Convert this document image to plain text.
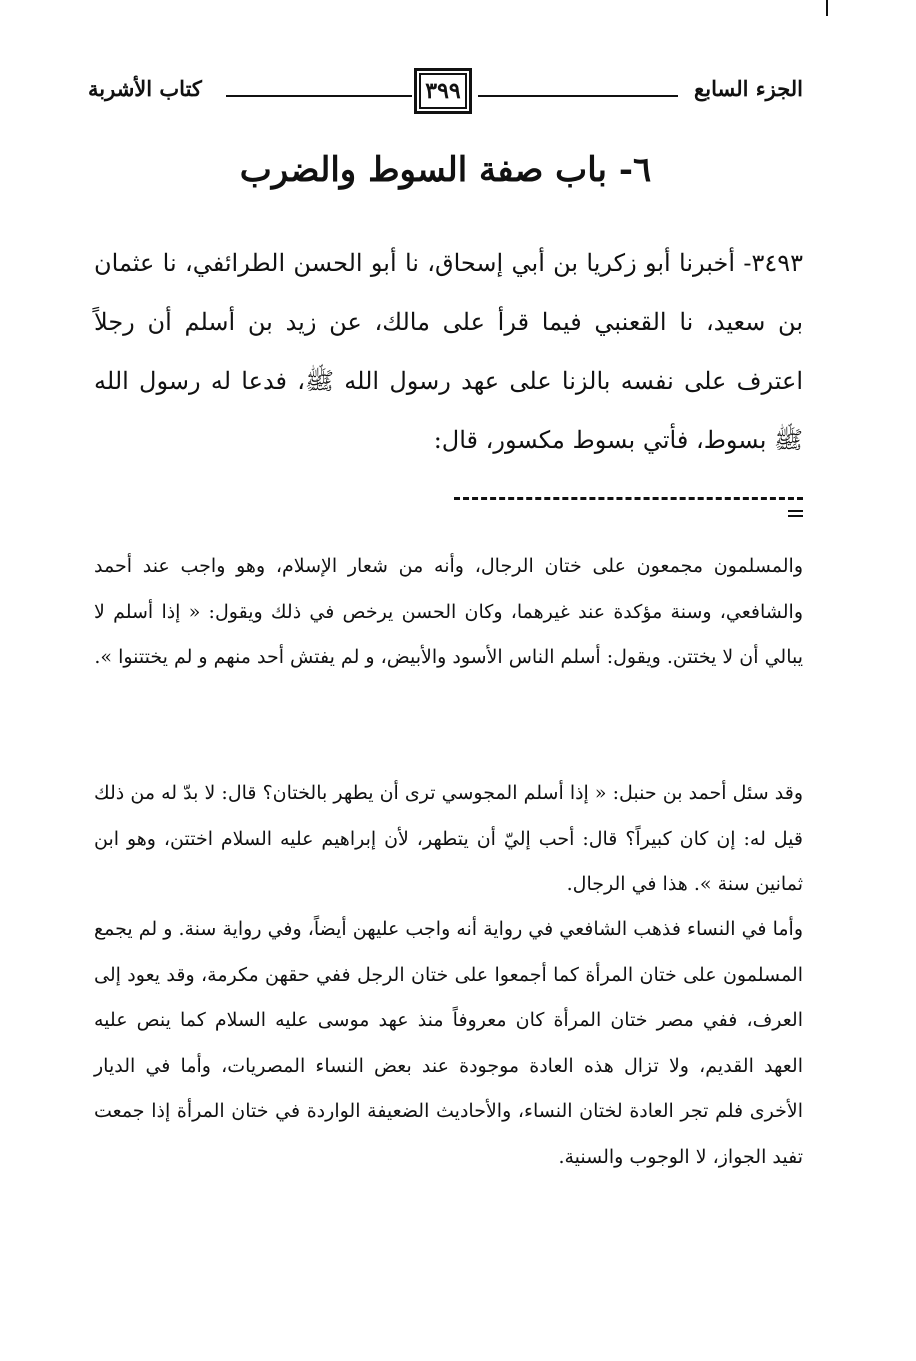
الجزء السابع
٣٩٩
كتاب الأشربة
٦- باب صفة السوط والضرب

٣٤٩٣- أخبرنا أبو زكريا بن أبي إسحاق، نا أبو الحسن الطرائفي، نا عثمان بن سعيد، نا القعنبي فيما قرأ على مالك، عن زيد بن أسلم أن رجلاً اعترف على نفسه بالزنا على عهد رسول الله ﷺ، فدعا له رسول الله ﷺ بسوط، فأتي بسوط مكسور، قال:

والمسلمون مجمعون على ختان الرجال، وأنه من شعار الإسلام، وهو واجب عند أحمد والشافعي، وسنة مؤكدة عند غيرهما، وكان الحسن يرخص في ذلك ويقول: « إذا أسلم لا يبالي أن لا يختتن. ويقول: أسلم الناس الأسود والأبيض، و لم يفتش أحد منهم و لم يختتنوا ».

وقد سئل أحمد بن حنبل: « إذا أسلم المجوسي ترى أن يطهر بالختان؟ قال: لا بدّ له من ذلك قيل له: إن كان كبيراً؟ قال: أحب إليّ أن يتطهر، لأن إبراهيم عليه السلام اختتن، وهو ابن ثمانين سنة ». هذا في الرجال.

وأما في النساء فذهب الشافعي في رواية أنه واجب عليهن أيضاً، وفي رواية سنة. و لم يجمع المسلمون على ختان المرأة كما أجمعوا على ختان الرجل ففي حقهن مكرمة، وقد يعود إلى العرف، ففي مصر ختان المرأة كان معروفاً منذ عهد موسى عليه السلام كما ينص عليه العهد القديم، ولا تزال هذه العادة موجودة عند بعض النساء المصريات، وأما في الديار الأخرى فلم تجر العادة لختان النساء، والأحاديث الضعيفة الواردة في ختان المرأة إذا جمعت تفيد الجواز، لا الوجوب والسنية.
